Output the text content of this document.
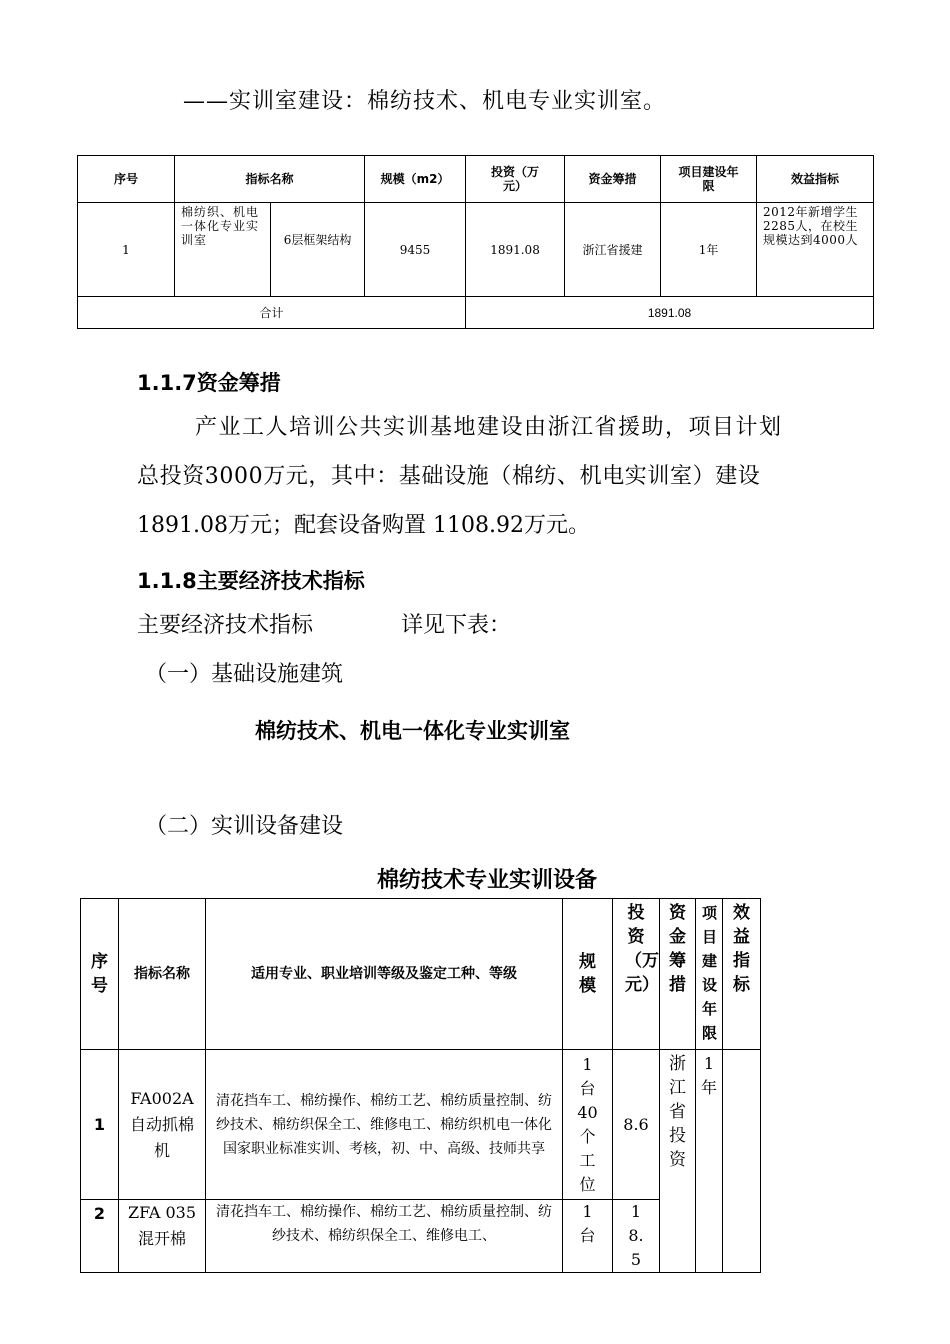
——实训室建设：棉纺技术、机电专业实训室。
序号	指标名称		规模（m2）	投资（万元）	资金筹措	项目建设年限	效益指标
1	棉纺织、机电一体化专业实训室	6层框架结构	9455	1891.08	浙江省援建	1年	2012年新增学生2285人，在校生规模达到4000人
合计				1891.08			
1.1.7资金筹措
产业工人培训公共实训基地建设由浙江省援助，项目计划
总投资3000万元，其中：基础设施（棉纺、机电实训室）建设
1891.08万元；配套设备购置 1108.92万元。
1.1.8主要经济技术指标
主要经济技术指标	详见下表：
（一）基础设施建筑
棉纺技术、机电一体化专业实训室
（二）实训设备建设
棉纺技术专业实训设备
序号	指标名称	适用专业、职业培训等级及鉴定工种、等级	规模	投资（万元）	资金筹措	项目建设年限	效益指标
1	FA002A自动抓棉机	清花挡车工、棉纺操作、棉纺工艺、棉纺质量控制、纺纱技术、棉纺织保全工、维修电工、棉纺织机电一体化国家职业标准实训、考核，初、中、高级、技师共享	1台40个工位	8.6	浙江省投资	1年	
2	ZFA 035混开棉	清花挡车工、棉纺操作、棉纺工艺、棉纺质量控制、纺纱技术、棉纺织保全工、维修电工、	1台	18.5			
